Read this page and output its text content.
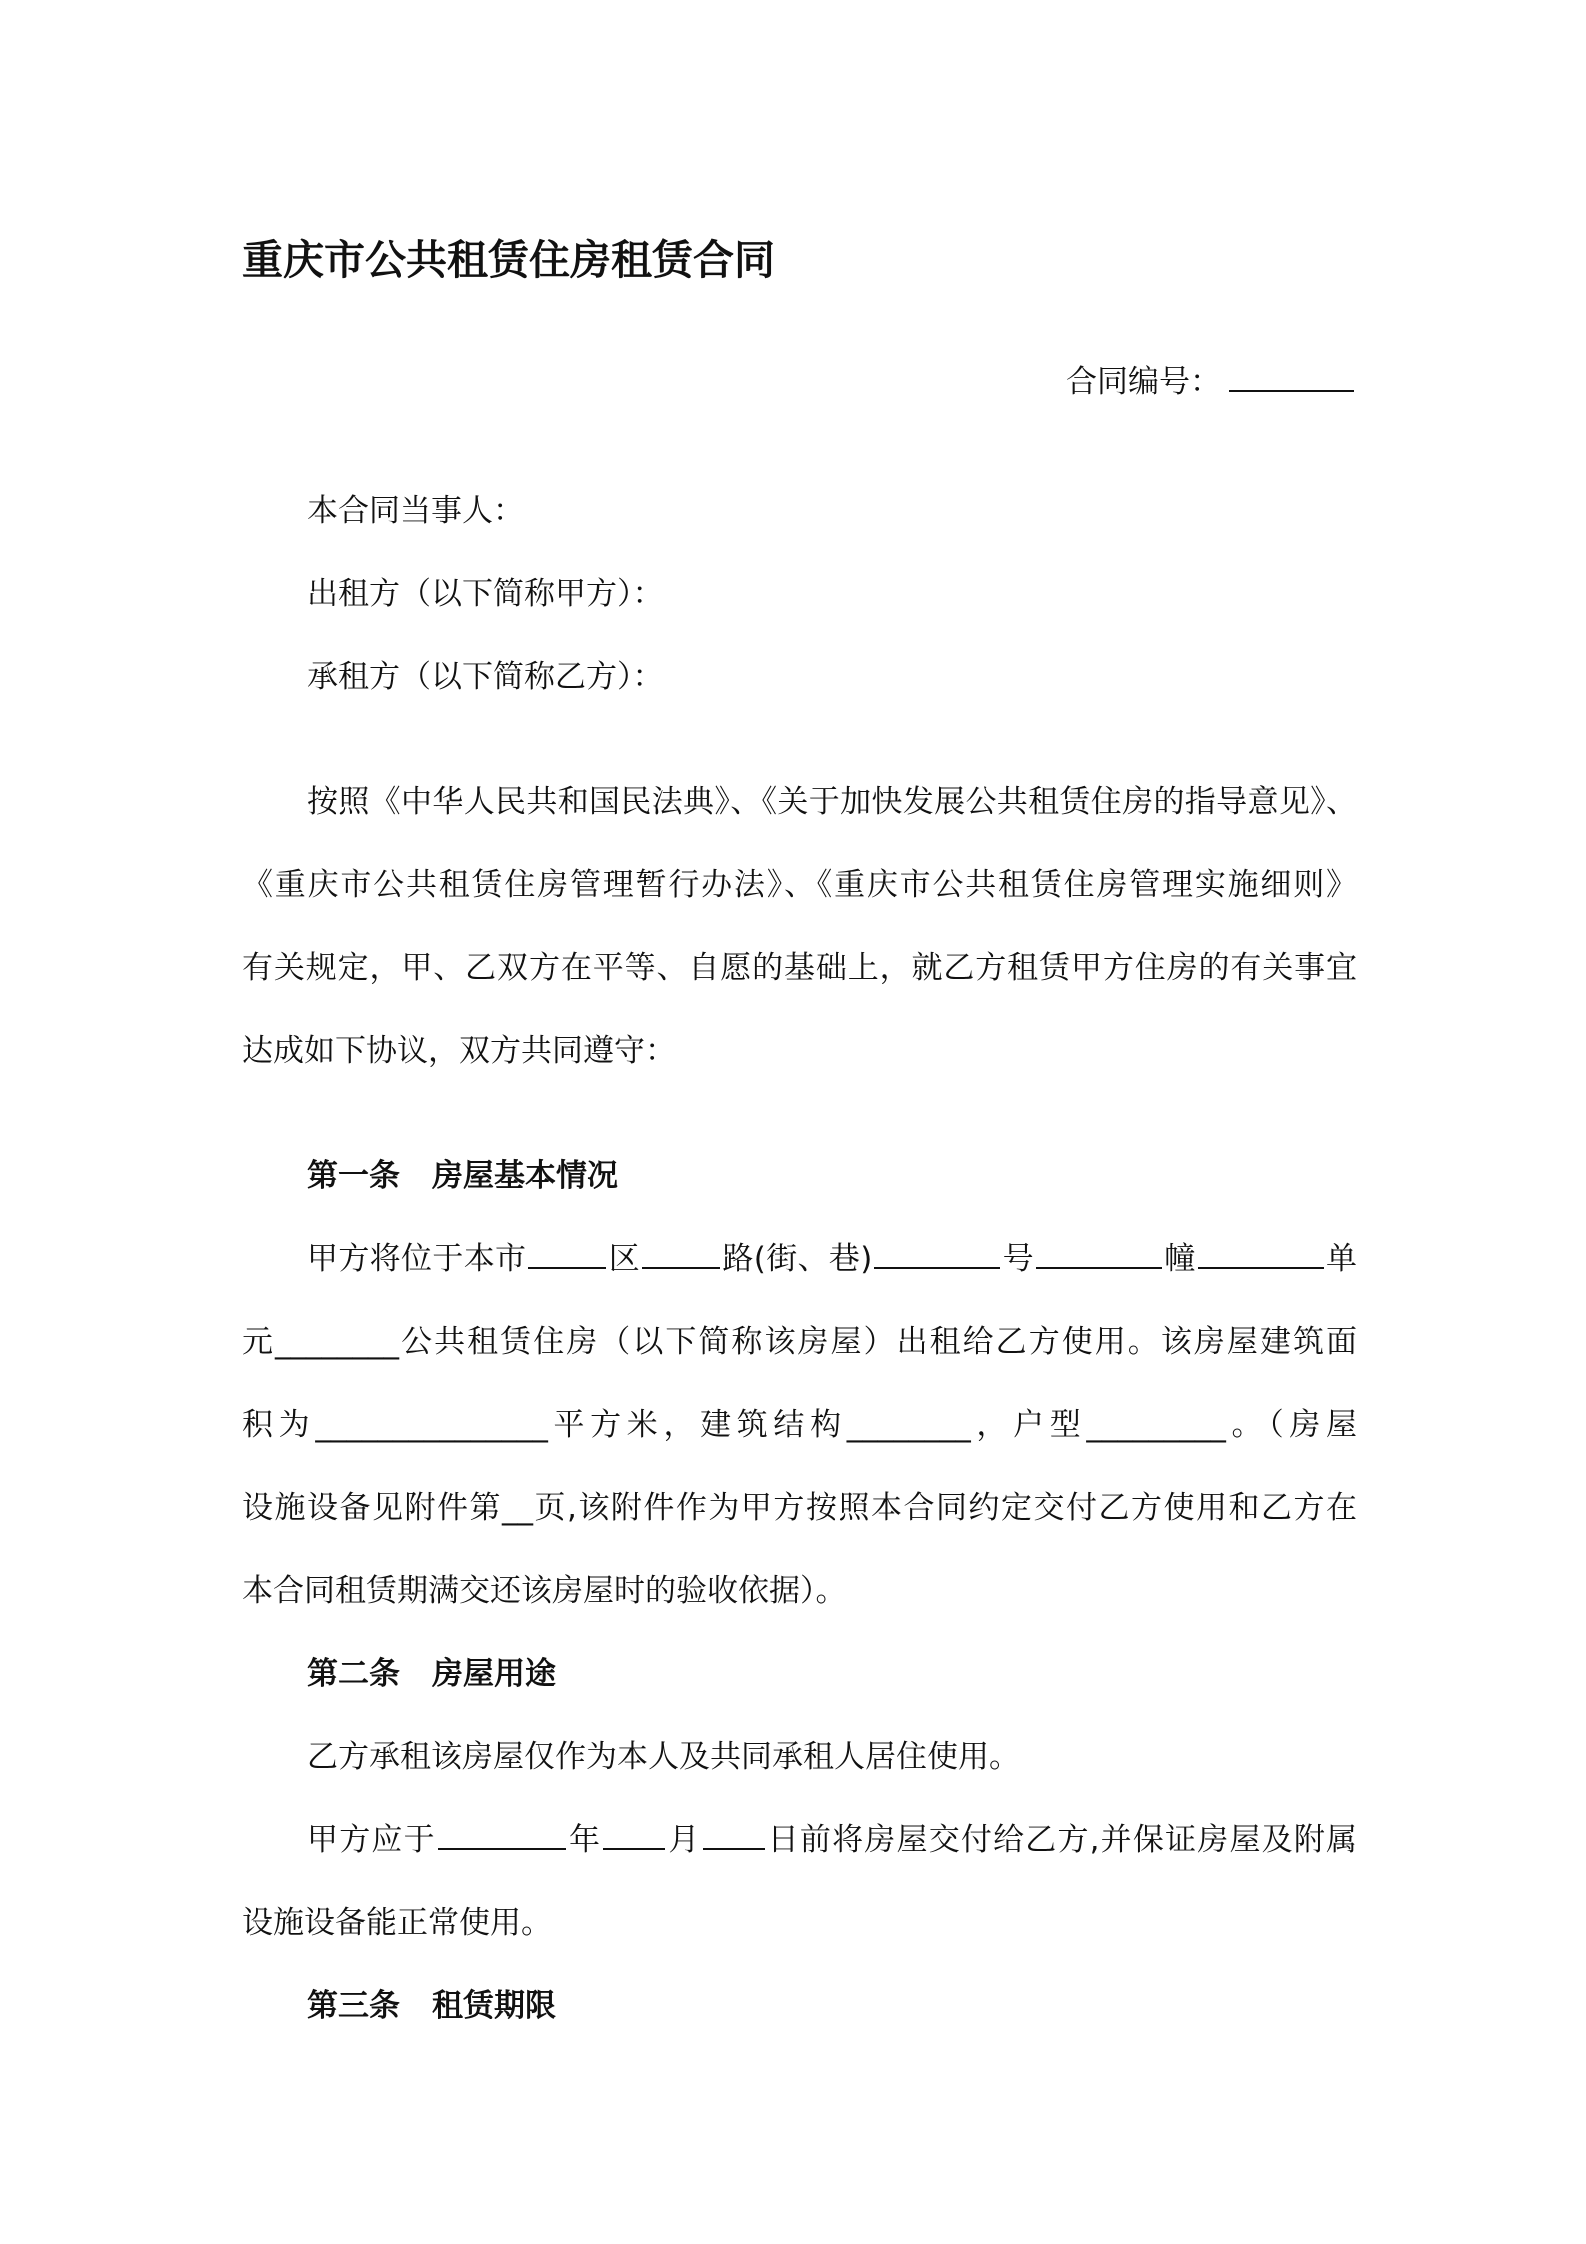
重庆市公共租赁住房租赁合同
合同编号：

本合同当事人：

出租方（以下简称甲方）：

承租方（以下简称乙方）：

按照《中华人民共和国民法典》、《关于加快发展公共租赁住房的指导意见》、

《重庆市公共租赁住房管理暂行办法》、《重庆市公共租赁住房管理实施细则》

有关规定，甲、乙双方在平等、自愿的基础上，就乙方租赁甲方住房的有关事宜

达成如下协议，双方共同遵守：

第一条 房屋基本情况

甲方将位于本市	区	路(街、巷)	号	幢	单

元________公共租赁住房（以下简称该房屋）出租给乙方使用。该房屋建筑面

积为_______________平方米，建筑结构________，户型_________。（房屋

设施设备见附件第__页,该附件作为甲方按照本合同约定交付乙方使用和乙方在

本合同租赁期满交还该房屋时的验收依据）。

第二条 房屋用途

乙方承租该房屋仅作为本人及共同承租人居住使用。

甲方应于	年 月 日前将房屋交付给乙方,并保证房屋及附属

设施设备能正常使用。

第三条 租赁期限
